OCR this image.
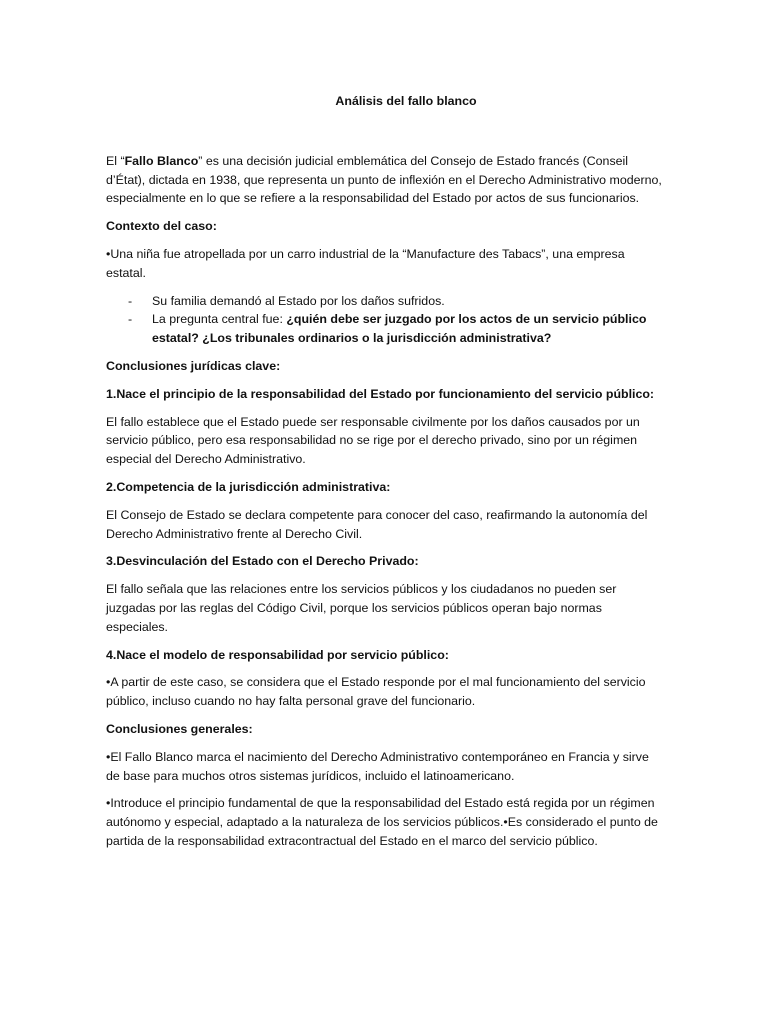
Análisis del fallo blanco

El “Fallo Blanco” es una decisión judicial emblemática del Consejo de Estado francés (Conseil d’État), dictada en 1938, que representa un punto de inflexión en el Derecho Administrativo moderno, especialmente en lo que se refiere a la responsabilidad del Estado por actos de sus funcionarios.

Contexto del caso:

•Una niña fue atropellada por un carro industrial de la “Manufacture des Tabacs”, una empresa estatal.

- Su familia demandó al Estado por los daños sufridos.
- La pregunta central fue: ¿quién debe ser juzgado por los actos de un servicio público estatal? ¿Los tribunales ordinarios o la jurisdicción administrativa?

Conclusiones jurídicas clave:

1.Nace el principio de la responsabilidad del Estado por funcionamiento del servicio público:

El fallo establece que el Estado puede ser responsable civilmente por los daños causados por un servicio público, pero esa responsabilidad no se rige por el derecho privado, sino por un régimen especial del Derecho Administrativo.

2.Competencia de la jurisdicción administrativa:

El Consejo de Estado se declara competente para conocer del caso, reafirmando la autonomía del Derecho Administrativo frente al Derecho Civil.

3.Desvinculación del Estado con el Derecho Privado:

El fallo señala que las relaciones entre los servicios públicos y los ciudadanos no pueden ser juzgadas por las reglas del Código Civil, porque los servicios públicos operan bajo normas especiales.

4.Nace el modelo de responsabilidad por servicio público:

•A partir de este caso, se considera que el Estado responde por el mal funcionamiento del servicio público, incluso cuando no hay falta personal grave del funcionario.

Conclusiones generales:

•El Fallo Blanco marca el nacimiento del Derecho Administrativo contemporáneo en Francia y sirve de base para muchos otros sistemas jurídicos, incluido el latinoamericano.

•Introduce el principio fundamental de que la responsabilidad del Estado está regida por un régimen autónomo y especial, adaptado a la naturaleza de los servicios públicos.•Es considerado el punto de partida de la responsabilidad extracontractual del Estado en el marco del servicio público.
